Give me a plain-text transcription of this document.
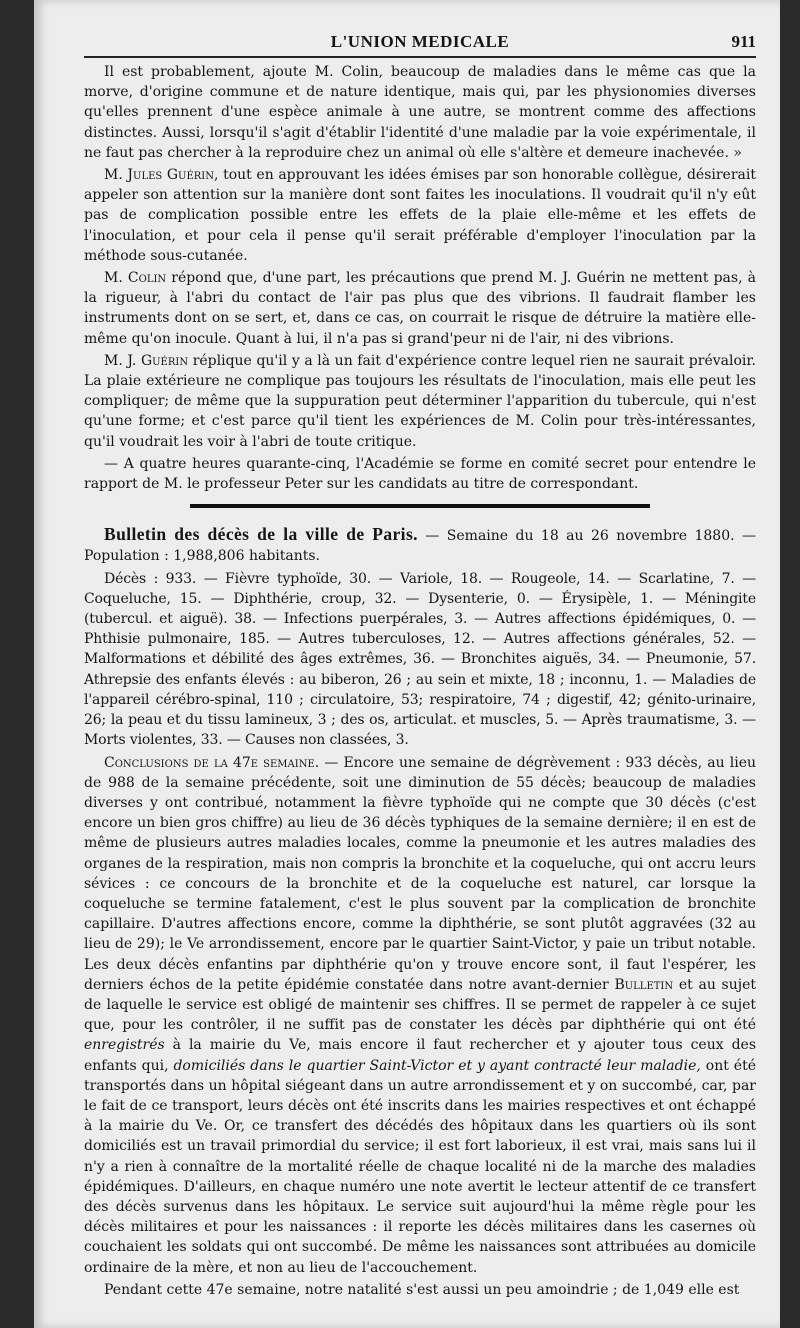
L'UNION MEDICALE	911

Il est probablement, ajoute M. Colin, beaucoup de maladies dans le même cas que la morve, d'origine commune et de nature identique, mais qui, par les physionomies diverses qu'elles prennent d'une espèce animale à une autre, se montrent comme des affections distinctes. Aussi, lorsqu'il s'agit d'établir l'identité d'une maladie par la voie expérimentale, il ne faut pas chercher à la reproduire chez un animal où elle s'altère et demeure inachevée. »

M. Jules Guérin, tout en approuvant les idées émises par son honorable collègue, désirerait appeler son attention sur la manière dont sont faites les inoculations. Il voudrait qu'il n'y eût pas de complication possible entre les effets de la plaie elle-même et les effets de l'inoculation, et pour cela il pense qu'il serait préférable d'employer l'inoculation par la méthode sous-cutanée.

M. Colin répond que, d'une part, les précautions que prend M. J. Guérin ne mettent pas, à la rigueur, à l'abri du contact de l'air pas plus que des vibrions. Il faudrait flamber les instruments dont on se sert, et, dans ce cas, on courrait le risque de détruire la matière elle-même qu'on inocule. Quant à lui, il n'a pas si grand'peur ni de l'air, ni des vibrions.

M. J. Guérin réplique qu'il y a là un fait d'expérience contre lequel rien ne saurait prévaloir. La plaie extérieure ne complique pas toujours les résultats de l'inoculation, mais elle peut les compliquer; de même que la suppuration peut déterminer l'apparition du tubercule, qui n'est qu'une forme; et c'est parce qu'il tient les expériences de M. Colin pour très-intéressantes, qu'il voudrait les voir à l'abri de toute critique.

— A quatre heures quarante-cinq, l'Académie se forme en comité secret pour entendre le rapport de M. le professeur Peter sur les candidats au titre de correspondant.

Bulletin des décès de la ville de Paris. — Semaine du 18 au 26 novembre 1880. — Population : 1,988,806 habitants.

Décès : 933. — Fièvre typhoïde, 30. — Variole, 18. — Rougeole, 14. — Scarlatine, 7. — Coqueluche, 15. — Diphthérie, croup, 32. — Dysenterie, 0. — Érysipèle, 1. — Méningite (tubercul. et aiguë). 38. — Infections puerpérales, 3. — Autres affections épidémiques, 0. — Phthisie pulmonaire, 185. — Autres tuberculoses, 12. — Autres affections générales, 52. — Malformations et débilité des âges extrêmes, 36. — Bronchites aiguës, 34. — Pneumonie, 57. Athrepsie des enfants élevés : au biberon, 26 ; au sein et mixte, 18 ; inconnu, 1. — Maladies de l'appareil cérébro-spinal, 110 ; circulatoire, 53; respiratoire, 74 ; digestif, 42; génito-urinaire, 26; la peau et du tissu lamineux, 3 ; des os, articulat. et muscles, 5. — Après traumatisme, 3. — Morts violentes, 33. — Causes non classées, 3.

Conclusions de la 47e semaine. — Encore une semaine de dégrèvement : 933 décès, au lieu de 988 de la semaine précédente, soit une diminution de 55 décès; beaucoup de maladies diverses y ont contribué, notamment la fièvre typhoïde qui ne compte que 30 décès (c'est encore un bien gros chiffre) au lieu de 36 décès typhiques de la semaine dernière; il en est de même de plusieurs autres maladies locales, comme la pneumonie et les autres maladies des organes de la respiration, mais non compris la bronchite et la coqueluche, qui ont accru leurs sévices : ce concours de la bronchite et de la coqueluche est naturel, car lorsque la coqueluche se termine fatalement, c'est le plus souvent par la complication de bronchite capillaire. D'autres affections encore, comme la diphthérie, se sont plutôt aggravées (32 au lieu de 29); le Ve arrondissement, encore par le quartier Saint-Victor, y paie un tribut notable. Les deux décès enfantins par diphthérie qu'on y trouve encore sont, il faut l'espérer, les derniers échos de la petite épidémie constatée dans notre avant-dernier Bulletin et au sujet de laquelle le service est obligé de maintenir ses chiffres. Il se permet de rappeler à ce sujet que, pour les contrôler, il ne suffit pas de constater les décès par diphthérie qui ont été enregistrés à la mairie du Ve, mais encore il faut rechercher et y ajouter tous ceux des enfants qui, domiciliés dans le quartier Saint-Victor et y ayant contracté leur maladie, ont été transportés dans un hôpital siégeant dans un autre arrondissement et y on succombé, car, par le fait de ce transport, leurs décès ont été inscrits dans les mairies respectives et ont échappé à la mairie du Ve. Or, ce transfert des décédés des hôpitaux dans les quartiers où ils sont domiciliés est un travail primordial du service; il est fort laborieux, il est vrai, mais sans lui il n'y a rien à connaître de la mortalité réelle de chaque localité ni de la marche des maladies épidémiques. D'ailleurs, en chaque numéro une note avertit le lecteur attentif de ce transfert des décès survenus dans les hôpitaux. Le service suit aujourd'hui la même règle pour les décès militaires et pour les naissances : il reporte les décès militaires dans les casernes où couchaient les soldats qui ont succombé. De même les naissances sont attribuées au domicile ordinaire de la mère, et non au lieu de l'accouchement.

Pendant cette 47e semaine, notre natalité s'est aussi un peu amoindrie ; de 1,049 elle est
